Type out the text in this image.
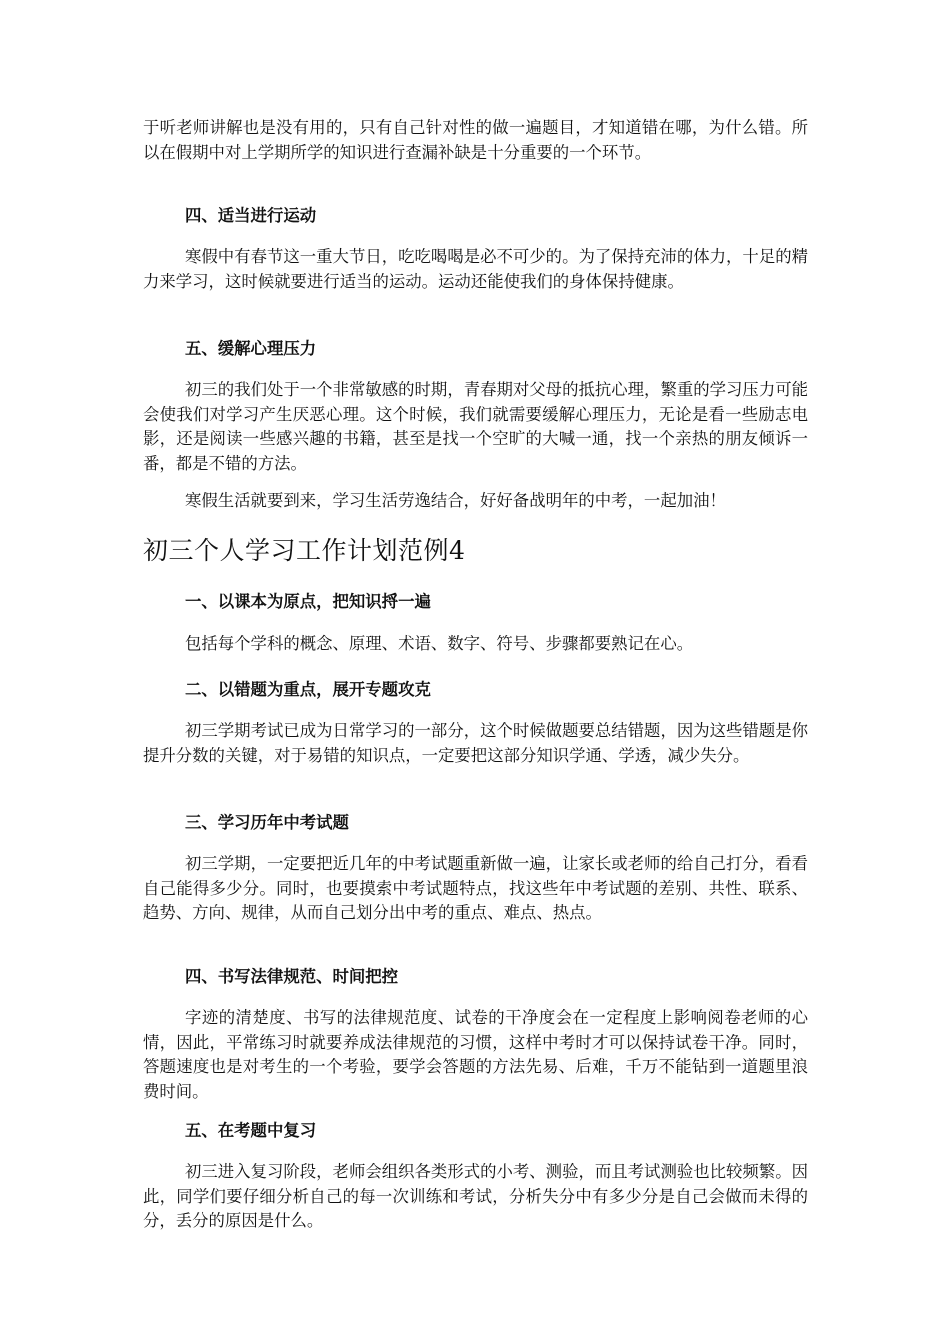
于听老师讲解也是没有用的，只有自己针对性的做一遍题目，才知道错在哪，为什么错。所以在假期中对上学期所学的知识进行查漏补缺是十分重要的一个环节。

四、适当进行运动

寒假中有春节这一重大节日，吃吃喝喝是必不可少的。为了保持充沛的体力，十足的精力来学习，这时候就要进行适当的运动。运动还能使我们的身体保持健康。

五、缓解心理压力

初三的我们处于一个非常敏感的时期，青春期对父母的抵抗心理，繁重的学习压力可能会使我们对学习产生厌恶心理。这个时候，我们就需要缓解心理压力，无论是看一些励志电影，还是阅读一些感兴趣的书籍，甚至是找一个空旷的大喊一通，找一个亲热的朋友倾诉一番，都是不错的方法。

寒假生活就要到来，学习生活劳逸结合，好好备战明年的中考，一起加油！

初三个人学习工作计划范例4
一、以课本为原点，把知识捋一遍

包括每个学科的概念、原理、术语、数字、符号、步骤都要熟记在心。

二、以错题为重点，展开专题攻克

初三学期考试已成为日常学习的一部分，这个时候做题要总结错题，因为这些错题是你提升分数的关键，对于易错的知识点，一定要把这部分知识学通、学透，减少失分。

三、学习历年中考试题

初三学期，一定要把近几年的中考试题重新做一遍，让家长或老师的给自己打分，看看自己能得多少分。同时，也要摸索中考试题特点，找这些年中考试题的差别、共性、联系、趋势、方向、规律，从而自己划分出中考的重点、难点、热点。

四、书写法律规范、时间把控

字迹的清楚度、书写的法律规范度、试卷的干净度会在一定程度上影响阅卷老师的心情，因此，平常练习时就要养成法律规范的习惯，这样中考时才可以保持试卷干净。同时，答题速度也是对考生的一个考验，要学会答题的方法先易、后难，千万不能钻到一道题里浪费时间。

五、在考题中复习

初三进入复习阶段，老师会组织各类形式的小考、测验，而且考试测验也比较频繁。因此，同学们要仔细分析自己的每一次训练和考试，分析失分中有多少分是自己会做而未得的分，丢分的原因是什么。
